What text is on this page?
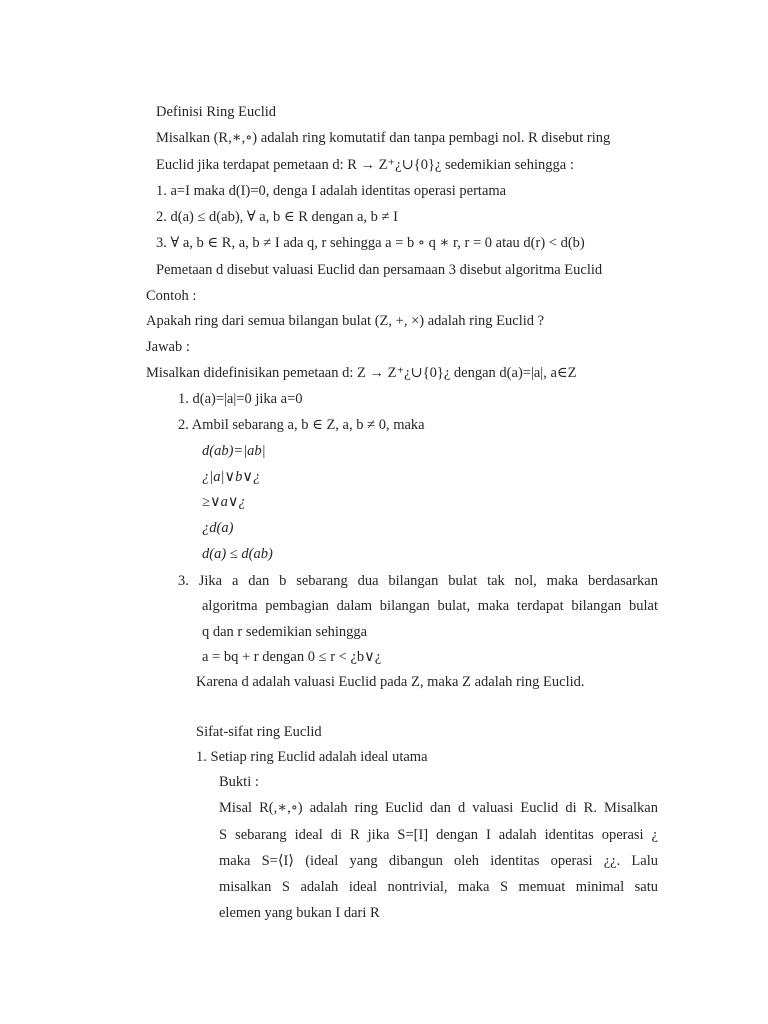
Definisi Ring Euclid
Misalkan (R,∗,∘) adalah ring komutatif dan tanpa pembagi nol. R disebut ring
Euclid jika terdapat pemetaan d: R → Z⁺¿∪{0}¿ sedemikian sehingga :
1. a=I maka d(I)=0, denga I adalah identitas operasi pertama
2. d(a) ≤ d(ab), ∀ a, b ∈ R dengan a, b ≠ I
3. ∀ a, b ∈ R, a, b ≠ I ada q, r sehingga a = b ∘ q ∗ r, r = 0 atau d(r) < d(b)
Pemetaan d disebut valuasi Euclid dan persamaan 3 disebut algoritma Euclid
Contoh :
Apakah ring dari semua bilangan bulat (Z, +, ×) adalah ring Euclid ?
Jawab :
Misalkan didefinisikan pemetaan d: Z → Z⁺¿∪{0}¿ dengan d(a)=|a|, a∈Z
1. d(a)=|a|=0 jika a=0
2. Ambil sebarang a, b ∈ Z, a, b ≠ 0, maka
d(ab)=|ab|
¿|a|∨b∨¿
≥∨a∨¿
¿d(a)
d(a) ≤ d(ab)
3. Jika a dan b sebarang dua bilangan bulat tak nol, maka berdasarkan
algoritma pembagian dalam bilangan bulat, maka terdapat bilangan bulat
q dan r sedemikian sehingga
a = bq + r dengan 0 ≤ r < ¿b∨¿
Karena d adalah valuasi Euclid pada Z, maka Z adalah ring Euclid.
Sifat-sifat ring Euclid
1. Setiap ring Euclid adalah ideal utama
Bukti :
Misal R(,∗,∘) adalah ring Euclid dan d valuasi Euclid di R. Misalkan
S sebarang ideal di R jika S=[I] dengan I adalah identitas operasi ¿
maka S=⟨I⟩ (ideal yang dibangun oleh identitas operasi ¿¿. Lalu
misalkan S adalah ideal nontrivial, maka S memuat minimal satu
elemen yang bukan I dari R
